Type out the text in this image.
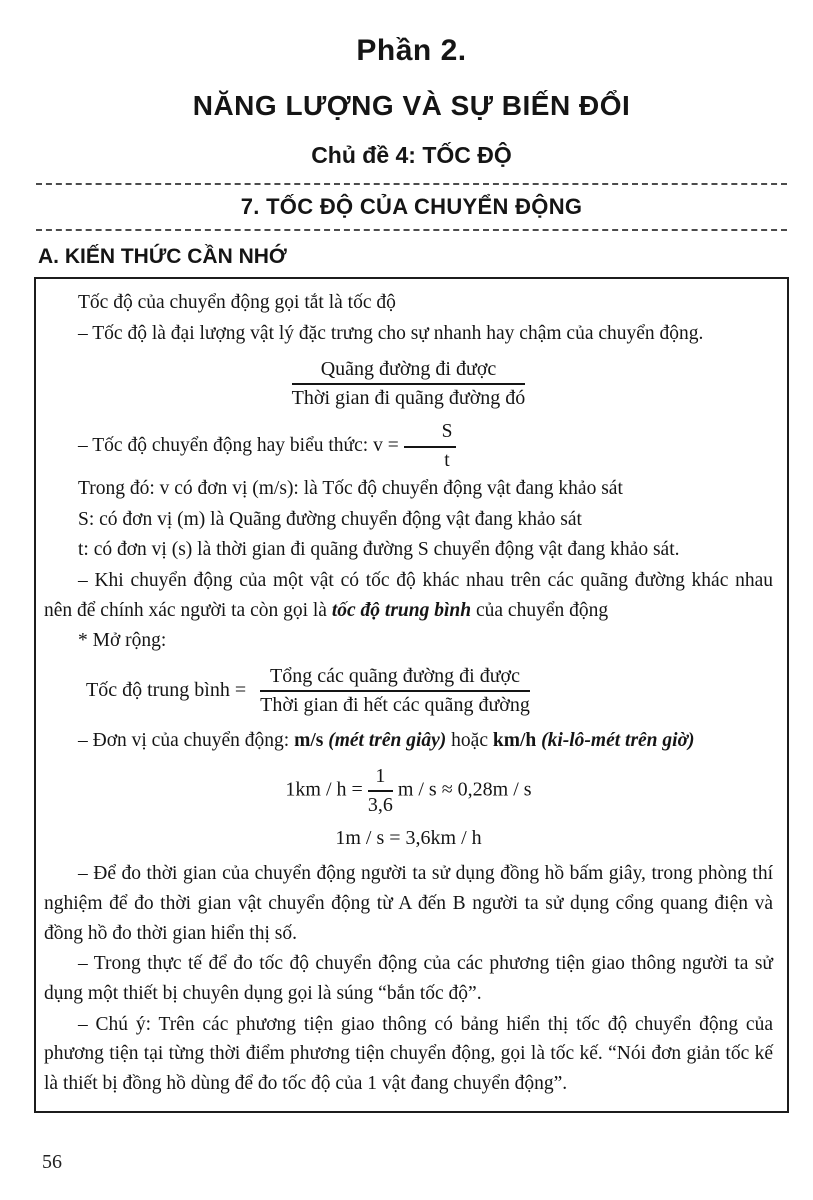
Phần 2.
NĂNG LƯỢNG VÀ SỰ BIẾN ĐỔI
Chủ đề 4: TỐC ĐỘ
7. TỐC ĐỘ CỦA CHUYỂN ĐỘNG
A. KIẾN THỨC CẦN NHỚ

Tốc độ của chuyển động gọi tắt là tốc độ

– Tốc độ là đại lượng vật lý đặc trưng cho sự nhanh hay chậm của chuyển động.

$\frac{\text{Quãng đường đi được}}{\text{Thời gian đi quãng đường đó}}$

– Tốc độ chuyển động hay biểu thức: $v = \frac{S}{t}$

Trong đó: v có đơn vị (m/s): là Tốc độ chuyển động vật đang khảo sát

S: có đơn vị (m) là Quãng đường chuyển động vật đang khảo sát

t: có đơn vị (s) là thời gian đi quãng đường S chuyển động vật đang khảo sát.

– Khi chuyển động của một vật có tốc độ khác nhau trên các quãng đường khác nhau nên để chính xác người ta còn gọi là tốc độ trung bình của chuyển động

* Mở rộng:

Tốc độ trung bình = $\frac{\text{Tổng các quãng đường đi được}}{\text{Thời gian đi hết các quãng đường}}$

– Đơn vị của chuyển động: m/s (mét trên giây) hoặc km/h (ki-lô-mét trên giờ)

$1km / h = \frac{1}{3,6}$ m / s ≈ 0,28m / s
1m / s = 3,6km / h

– Để đo thời gian của chuyển động người ta sử dụng đồng hồ bấm giây, trong phòng thí nghiệm để đo thời gian vật chuyển động từ A đến B người ta sử dụng cổng quang điện và đồng hồ đo thời gian hiển thị số.

– Trong thực tế để đo tốc độ chuyển động của các phương tiện giao thông người ta sử dụng một thiết bị chuyên dụng gọi là súng “bắn tốc độ”.

– Chú ý: Trên các phương tiện giao thông có bảng hiển thị tốc độ chuyển động của phương tiện tại từng thời điểm phương tiện chuyển động, gọi là tốc kế. “Nói đơn giản tốc kế là thiết bị đồng hồ dùng để đo tốc độ của 1 vật đang chuyển động”.

56
